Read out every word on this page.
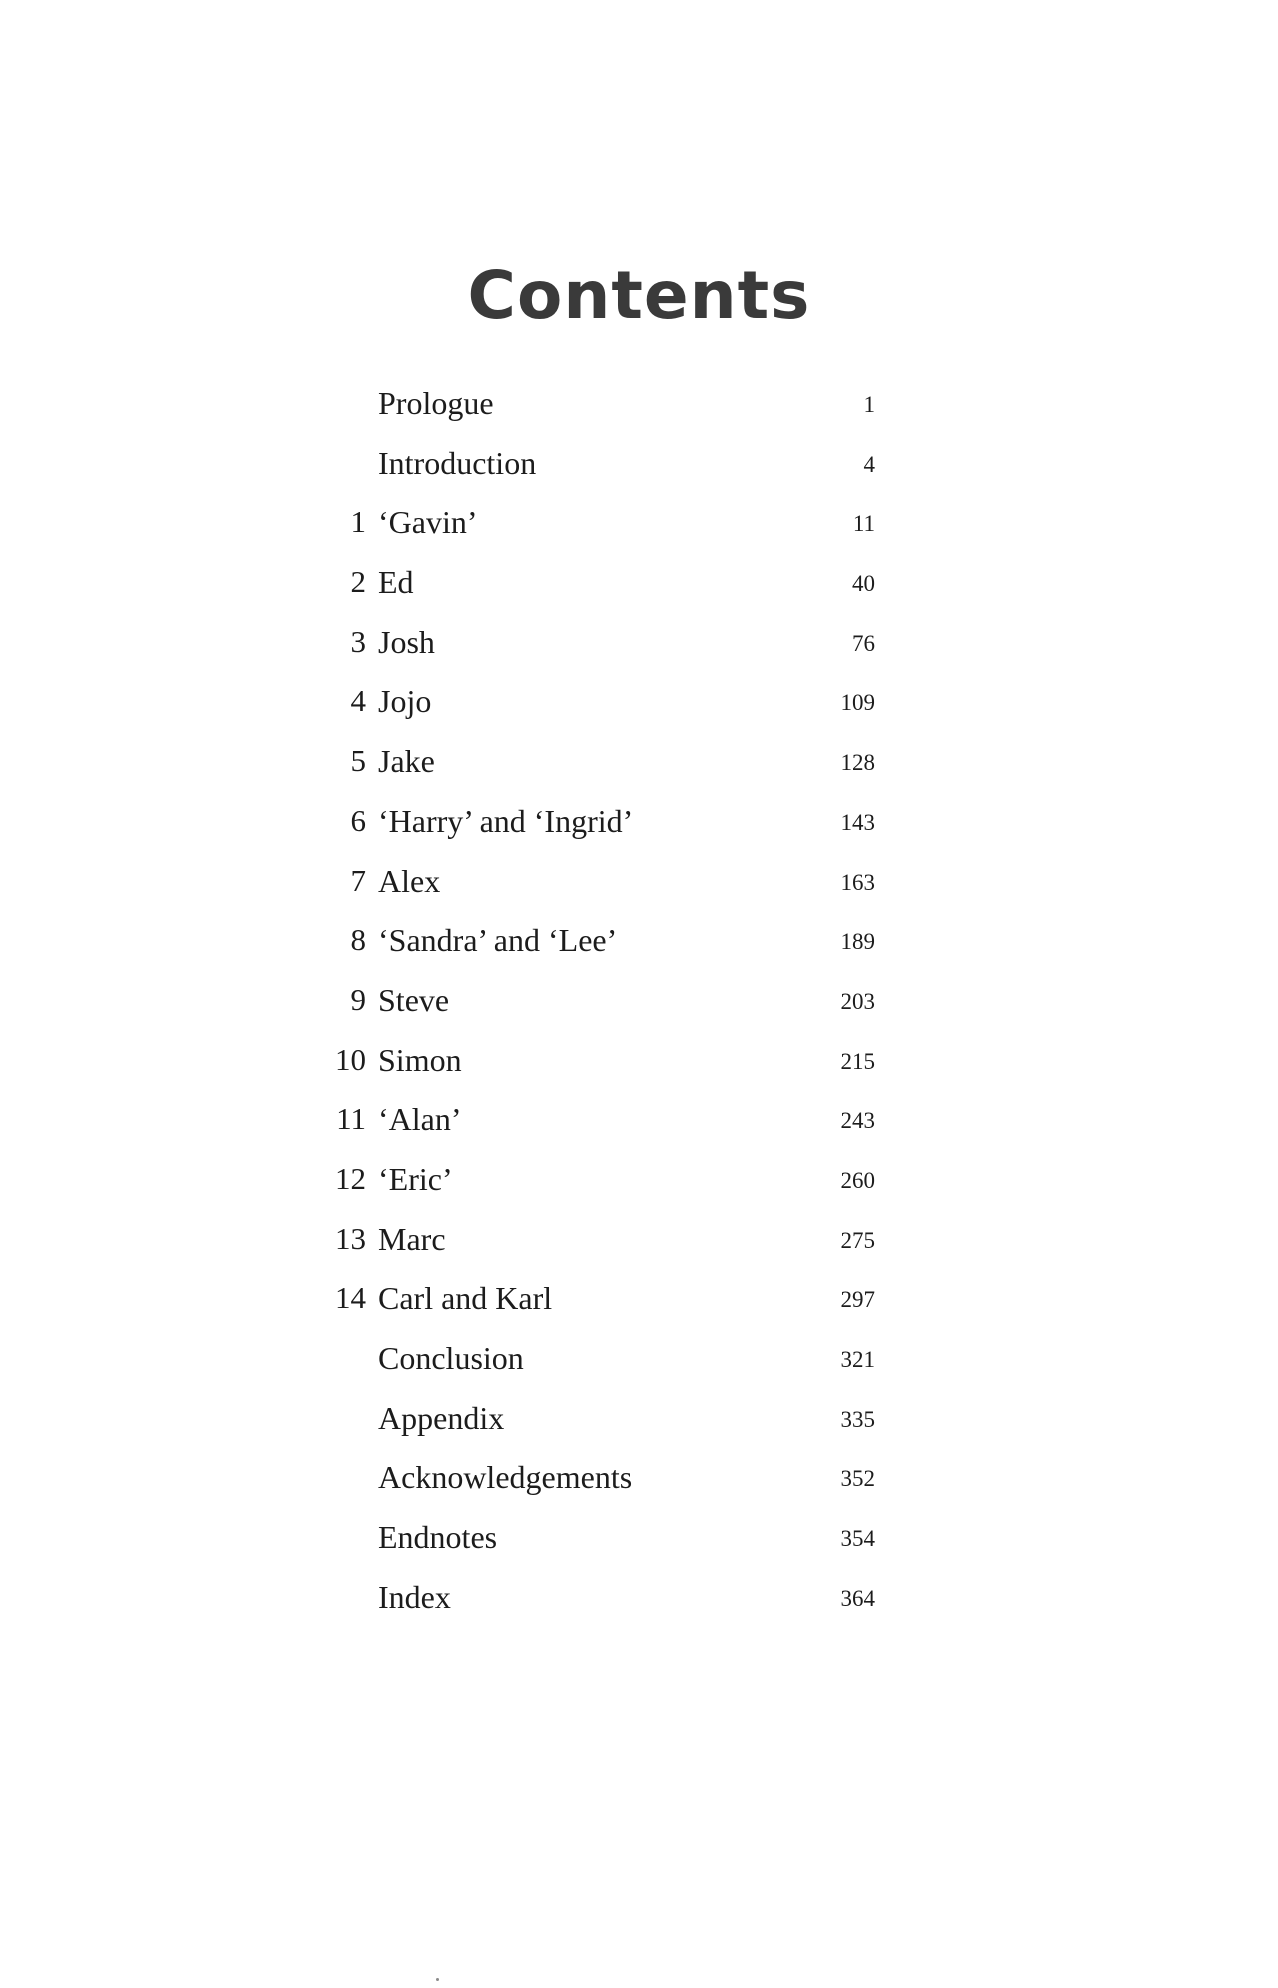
Contents
Prologue	1
Introduction	4
1 ‘Gavin’	11
2 Ed	40
3 Josh	76
4 Jojo	109
5 Jake	128
6 ‘Harry’ and ‘Ingrid’	143
7 Alex	163
8 ‘Sandra’ and ‘Lee’	189
9 Steve	203
10 Simon	215
11 ‘Alan’	243
12 ‘Eric’	260
13 Marc	275
14 Carl and Karl	297
Conclusion	321
Appendix	335
Acknowledgements	352
Endnotes	354
Index	364
